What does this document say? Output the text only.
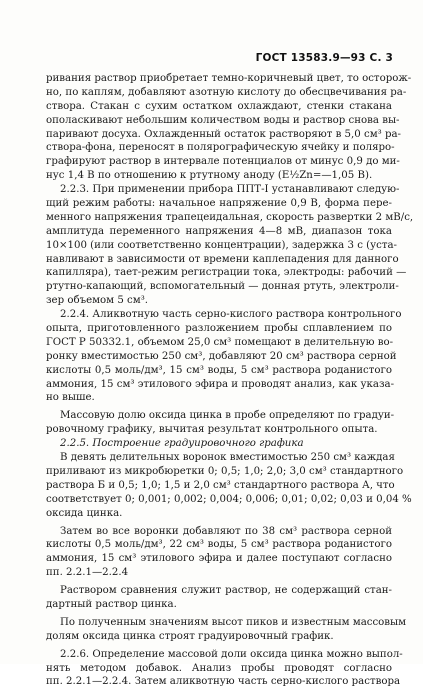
ГОСТ 13583.9—93 С. 3
ривания раствор приобретает темно-коричневый цвет, то осторож-
но, по каплям, добавляют азотную кислоту до обесцвечивания ра-
створа. Стакан с сухим остатком охлаждают, стенки стакана
ополаскивают небольшим количеством воды и раствор снова вы-
паривают досуха. Охлажденный остаток растворяют в 5,0 см³ ра-
створа-фона, переносят в полярографическую ячейку и поляро-
графируют раствор в интервале потенциалов от минус 0,9 до ми-
нус 1,4 В по отношению к ртутному аноду (E½Zn=—1,05 В).
2.2.3. При применении прибора ППТ-I устанавливают следую-
щий режим работы: начальное напряжение 0,9 В, форма пере-
менного напряжения трапецеидальная, скорость развертки 2 мВ/с,
амплитуда переменного напряжения 4—8 мВ, диапазон тока
10×100 (или соответственно концентрации), задержка 3 с (уста-
навливают в зависимости от времени каплепадения для данного
капилляра), тает-режим регистрации тока, электроды: рабочий —
ртутно-капающий, вспомогательный — донная ртуть, электроли-
зер объемом 5 см³.
2.2.4. Аликвотную часть серно-кислого раствора контрольного
опыта, приготовленного разложением пробы сплавлением по
ГОСТ Р 50332.1, объемом 25,0 см³ помещают в делительную во-
ронку вместимостью 250 см³, добавляют 20 см³ раствора серной
кислоты 0,5 моль/дм³, 15 см³ воды, 5 см³ раствора роданистого
аммония, 15 см³ этилового эфира и проводят анализ, как указа-
но выше.
Массовую долю оксида цинка в пробе определяют по градуи-
ровочному графику, вычитая результат контрольного опыта.
2.2.5. Построение градуировочного графика
В девять делительных воронок вместимостью 250 см³ каждая
приливают из микробюретки 0; 0,5; 1,0; 2,0; 3,0 см³ стандартного
раствора Б и 0,5; 1,0; 1,5 и 2,0 см³ стандартного раствора А, что
соответствует 0; 0,001; 0,002; 0,004; 0,006; 0,01; 0,02; 0,03 и 0,04 %
оксида цинка.
Затем во все воронки добавляют по 38 см³ раствора серной
кислоты 0,5 моль/дм³, 22 см³ воды, 5 см³ раствора роданистого
аммония, 15 см³ этилового эфира и далее поступают согласно
пп. 2.2.1—2.2.4
Раствором сравнения служит раствор, не содержащий стан-
дартный раствор цинка.
По полученным значениям высот пиков и известным массовым
долям оксида цинка строят градуировочный график.
2.2.6. Определение массовой доли оксида цинка можно выпол-
нять методом добавок. Анализ пробы проводят согласно
пп. 2.2.1—2.2.4. Затем аликвотную часть серно-кислого раствора
